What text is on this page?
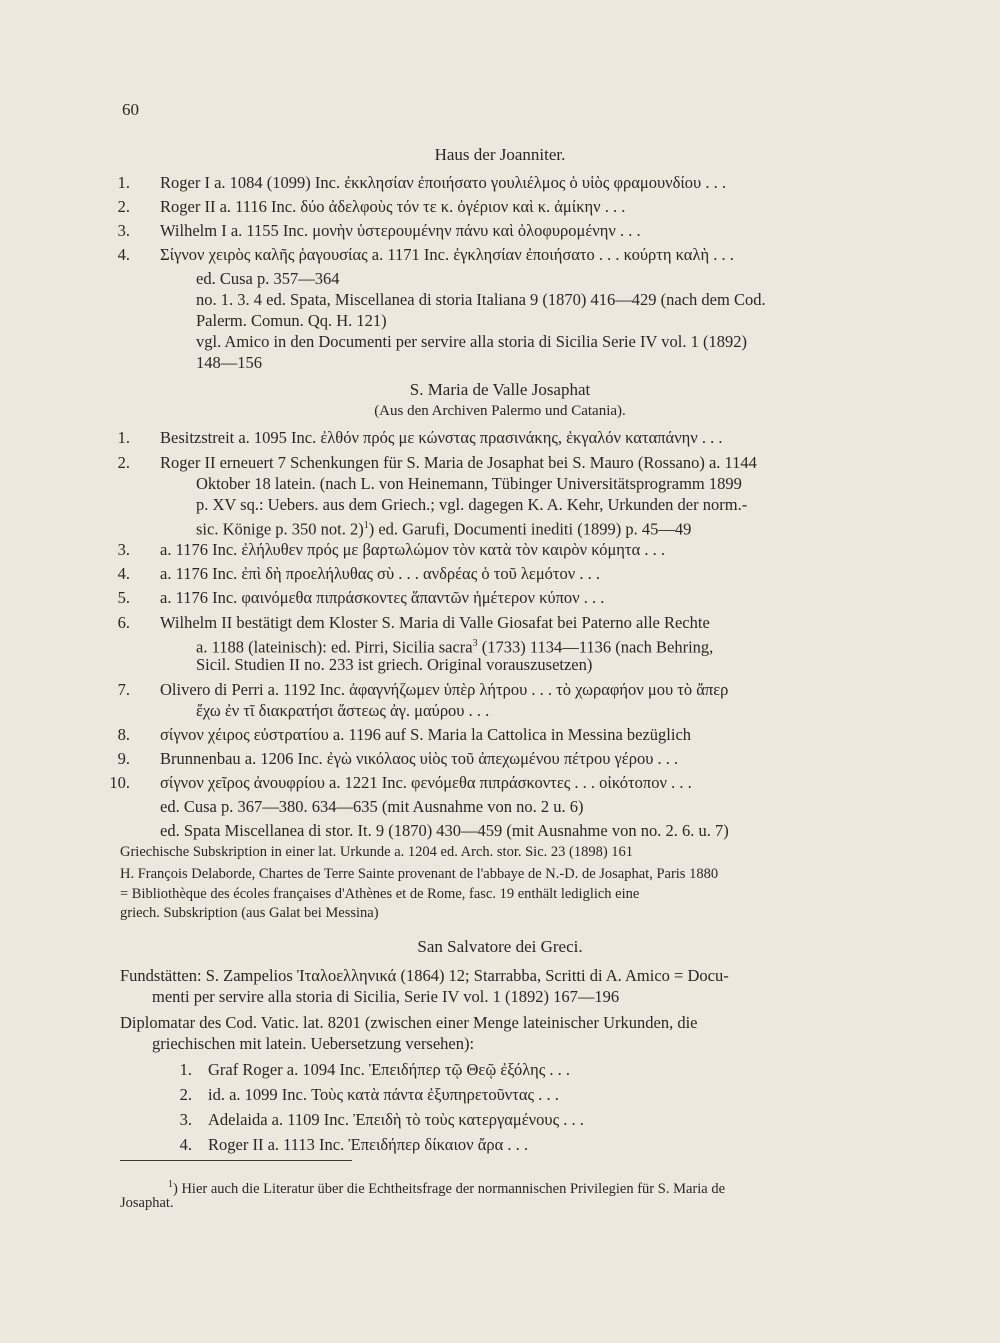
60
Haus der Joanniter.
1. Roger I a. 1084 (1099) Inc. ἐκκλησίαν ἐποιήσατο γουλιέλμος ὁ υἱὸς φραμουνδίου . . .
2. Roger II a. 1116 Inc. δύο ἀδελφοὺς τόν τε κ. ὀγέριον καὶ κ. ἀμίκην . . .
3. Wilhelm I a. 1155 Inc. μονὴν ὑστερουμένην πάνυ καὶ ὀλοφυρομένην . . .
4. Σίγνον χειρὸς καλῆς ῥαγουσίας a. 1171 Inc. ἐγκλησίαν ἐποιήσατο . . . κούρτη καλὴ . . .
ed. Cusa p. 357—364
no. 1. 3. 4 ed. Spata, Miscellanea di storia Italiana 9 (1870) 416—429 (nach dem Cod.
Palerm. Comun. Qq. H. 121)
vgl. Amico in den Documenti per servire alla storia di Sicilia Serie IV vol. 1 (1892)
148—156
S. Maria de Valle Josaphat
(Aus den Archiven Palermo und Catania).
1. Besitzstreit a. 1095 Inc. ἐλθόν πρός με κώνστας πρασινάκης, ἐκγαλόν καταπάνην . . .
2. Roger II erneuert 7 Schenkungen für S. Maria de Josaphat bei S. Mauro (Rossano) a. 1144
Oktober 18 latein. (nach L. von Heinemann, Tübinger Universitätsprogramm 1899
p. XV sq.: Uebers. aus dem Griech.; vgl. dagegen K. A. Kehr, Urkunden der norm.-
sic. Könige p. 350 not. 2)$^1$) ed. Garufi, Documenti inediti (1899) p. 45—49
3. a. 1176 Inc. ἐλήλυθεν πρός με βαρτωλώμον τὸν κατὰ τὸν καιρὸν κόμητα . . .
4. a. 1176 Inc. ἐπὶ δὴ προελήλυθας σὺ . . . ανδρέας ὁ τοῦ λεμότον . . .
5. a. 1176 Inc. φαινόμεθα πιπράσκοντες ἅπαντῶν ἡμέτερον κύπον . . .
6. Wilhelm II bestätigt dem Kloster S. Maria di Valle Giosafat bei Paterno alle Rechte
a. 1188 (lateinisch): ed. Pirri, Sicilia sacra$^3$ (1733) 1134—1136 (nach Behring,
Sicil. Studien II no. 233 ist griech. Original vorauszusetzen)
7. Olivero di Perri a. 1192 Inc. ἀφαγνήζωμεν ὑπὲρ λήτρου . . . τὸ χωραφήον μου τὸ ἄπερ
ἔχω ἐν τῖ διακρατήσι ἄστεως ἀγ. μαύρου . . .
8. σίγνον χέιρος εὐστρατίου a. 1196 auf S. Maria la Cattolica in Messina bezüglich
9. Brunnenbau a. 1206 Inc. ἐγὼ νικόλαος υἱὸς τοῦ ἀπεχωμένου πέτρου γέρου . . .
10. σίγνον χεῖρος ἀνουφρίου a. 1221 Inc. φενόμεθα πιπράσκοντες . . . οἰκότοπον . . .
ed. Cusa p. 367—380. 634—635 (mit Ausnahme von no. 2 u. 6)
ed. Spata Miscellanea di stor. It. 9 (1870) 430—459 (mit Ausnahme von no. 2. 6. u. 7)
Griechische Subskription in einer lat. Urkunde a. 1204 ed. Arch. stor. Sic. 23 (1898) 161
H. François Delaborde, Chartes de Terre Sainte provenant de l'abbaye de N.-D. de Josaphat, Paris 1880
= Bibliothèque des écoles françaises d'Athènes et de Rome, fasc. 19 enthält lediglich eine
griech. Subskription (aus Galat bei Messina)
San Salvatore dei Greci.
Fundstätten: S. Zampelios Ἰταλοελληνικά (1864) 12; Starrabba, Scritti di A. Amico = Docu-
menti per servire alla storia di Sicilia, Serie IV vol. 1 (1892) 167—196
Diplomatar des Cod. Vatic. lat. 8201 (zwischen einer Menge lateinischer Urkunden, die
griechischen mit latein. Uebersetzung versehen):
1. Graf Roger a. 1094 Inc. Ἐπειδήπερ τῷ Θεῷ ἐξόλης . . .
2. id. a. 1099 Inc. Τοὺς κατὰ πάντα ἐξυπηρετοῦντας . . .
3. Adelaida a. 1109 Inc. Ἐπειδὴ τὸ τοὺς κατεργαμένους . . .
4. Roger II a. 1113 Inc. Ἐπειδήπερ δίκαιον ἄρα . . .
$^1$) Hier auch die Literatur über die Echtheitsfrage der normannischen Privilegien für S. Maria de
Josaphat.
